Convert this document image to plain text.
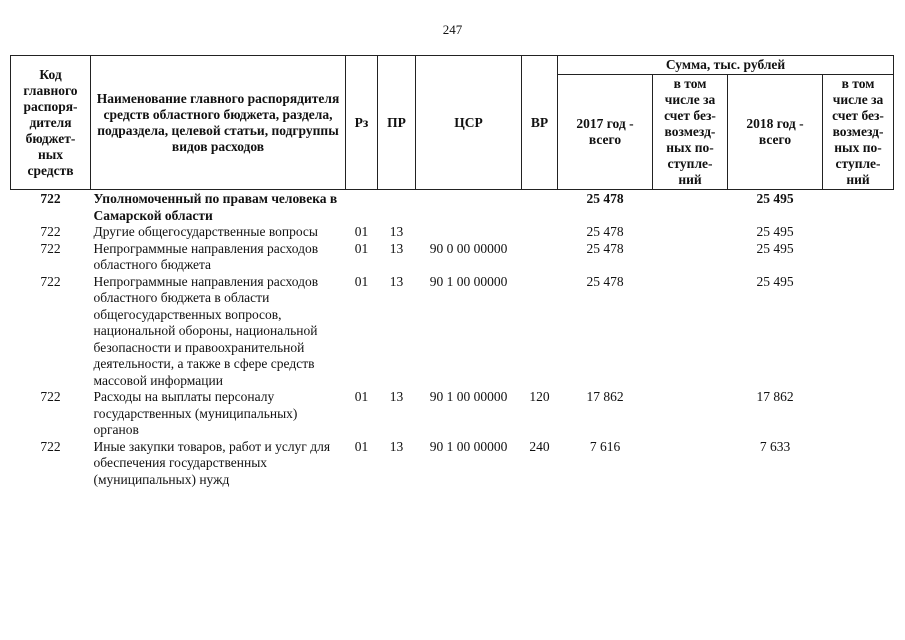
247
Код главного распоря-дителя бюджет-ных средств	Наименование главного распорядителя средств областного бюджета, раздела, подраздела, целевой статьи, подгруппы видов расходов	Рз	ПР	ЦСР	ВР	Сумма, тыс. рублей			
						2017 год - всего	в том числе за счет без-возмезд-ных по-ступле-ний	2018 год - всего	в том числе за счет без-возмезд-ных по-ступле-ний
722	Уполномоченный по правам человека в Самарской области					25 478		25 495	
722	Другие общегосударственные вопросы	01	13			25 478		25 495	
722	Непрограммные направления расходов областного бюджета	01	13	90 0 00 00000		25 478		25 495	
722	Непрограммные направления расходов областного бюджета в области общегосударственных вопросов, национальной обороны, национальной безопасности и правоохранительной деятельности, а также в сфере средств массовой информации	01	13	90 1 00 00000		25 478		25 495	
722	Расходы на выплаты персоналу государственных (муниципальных) органов	01	13	90 1 00 00000	120	17 862		17 862	
722	Иные закупки товаров, работ и услуг для обеспечения государственных (муниципальных) нужд	01	13	90 1 00 00000	240	7 616		7 633	
